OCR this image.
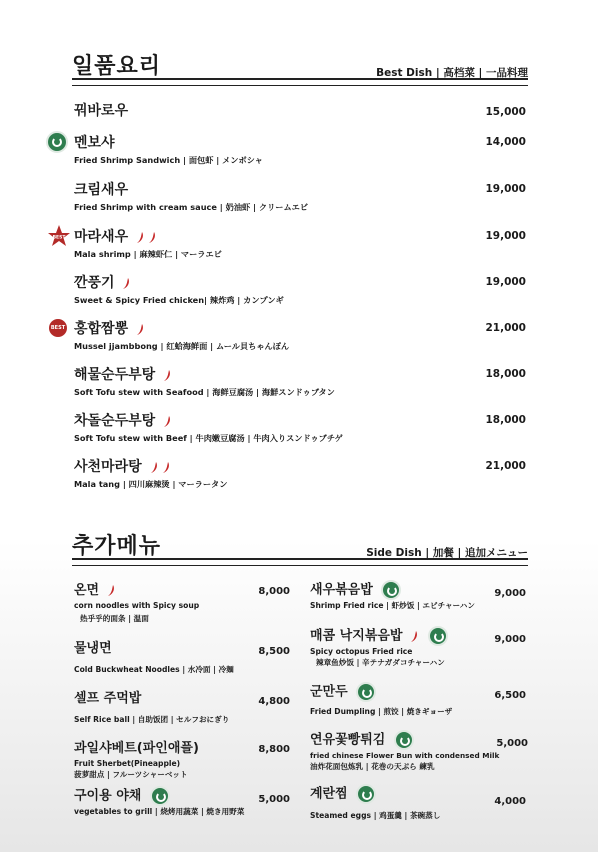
일품요리	Best Dish | 高档菜 | 一品料理
BEST
BEST
꿔바로우	15,000
멘보샤	14,000
Fried Shrimp Sandwich | 面包虾 | メンボシャ
크림새우	19,000
Fried Shrimp with cream sauce | 奶油虾 | クリームエビ
마라새우	19,000
Mala shrimp | 麻辣虾仁 | マーラエビ
깐풍기	19,000
Sweet & Spicy Fried chicken| 辣炸鸡 | カンプンギ
홍합짬뽕	21,000
Mussel jjambbong | 红蛤海鲜面 | ムール貝ちゃんぽん
해물순두부탕	18,000
Soft Tofu stew with Seafood | 海鲜豆腐汤 | 海鮮スンドゥブタン
차돌순두부탕	18,000
Soft Tofu stew with Beef | 牛肉嫩豆腐汤 | 牛肉入りスンドゥブチゲ
사천마라탕	21,000
Mala tang | 四川麻辣烫 | マーラータン
추가메뉴	Side Dish | 加餐 | 追加メニュー
온면	8,000
corn noodles with Spicy soup
热乎乎的面条 | 温面
물냉면	8,500
Cold Buckwheat Noodles | 水冷面 | 冷麺
셀프 주먹밥	4,800
Self Rice ball | 自助饭团 | セルフおにぎり
과일샤베트(파인애플)	8,800
Fruit Sherbet(Pineapple)
菠萝甜点 | フルーツシャーベット
구이용 야채	5,000
vegetables to grill | 烧烤用蔬菜 | 焼き用野菜
새우볶음밥	9,000
Shrimp Fried rice | 虾炒饭 | エビチャーハン
매콤 낙지볶음밥	9,000
Spicy octopus Fried rice
辣章鱼炒饭 | 辛テナガダコチャーハン
군만두	6,500
Fried Dumpling | 煎饺 | 焼きギョーザ
연유꽃빵튀김	5,000
fried chinese Flower Bun with condensed Milk
油炸花面包炼乳 | 花巻の天ぷら 練乳
계란찜	4,000
Steamed eggs | 鸡蛋羹 | 茶碗蒸し
